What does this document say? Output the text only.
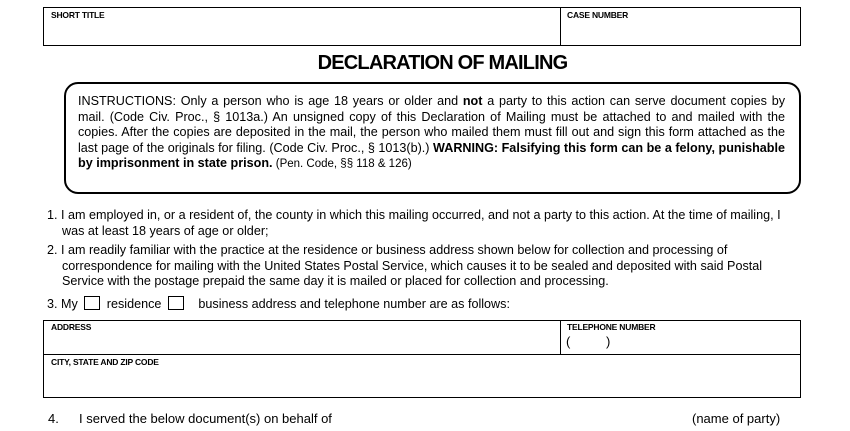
SHORT TITLE	CASE NUMBER
DECLARATION OF MAILING
INSTRUCTIONS: Only a person who is age 18 years or older and not a party to this action can serve document copies by mail. (Code Civ. Proc., § 1013a.) An unsigned copy of this Declaration of Mailing must be attached to and mailed with the copies. After the copies are deposited in the mail, the person who mailed them must fill out and sign this form attached as the last page of the originals for filing. (Code Civ. Proc., § 1013(b).) WARNING: Falsifying this form can be a felony, punishable by imprisonment in state prison. (Pen. Code, §§ 118 & 126)
1. I am employed in, or a resident of, the county in which this mailing occurred, and not a party to this action. At the time of mailing, I was at least 18 years of age or older;
2. I am readily familiar with the practice at the residence or business address shown below for collection and processing of correspondence for mailing with the United States Postal Service, which causes it to be sealed and deposited with said Postal Service with the postage prepaid the same day it is mailed or placed for collection and processing.
3. My residence	business address and telephone number are as follows:
ADDRESS	TELEPHONE NUMBER
(	)
CITY, STATE AND ZIP CODE
4. I served the below document(s) on behalf of	(name of party)
